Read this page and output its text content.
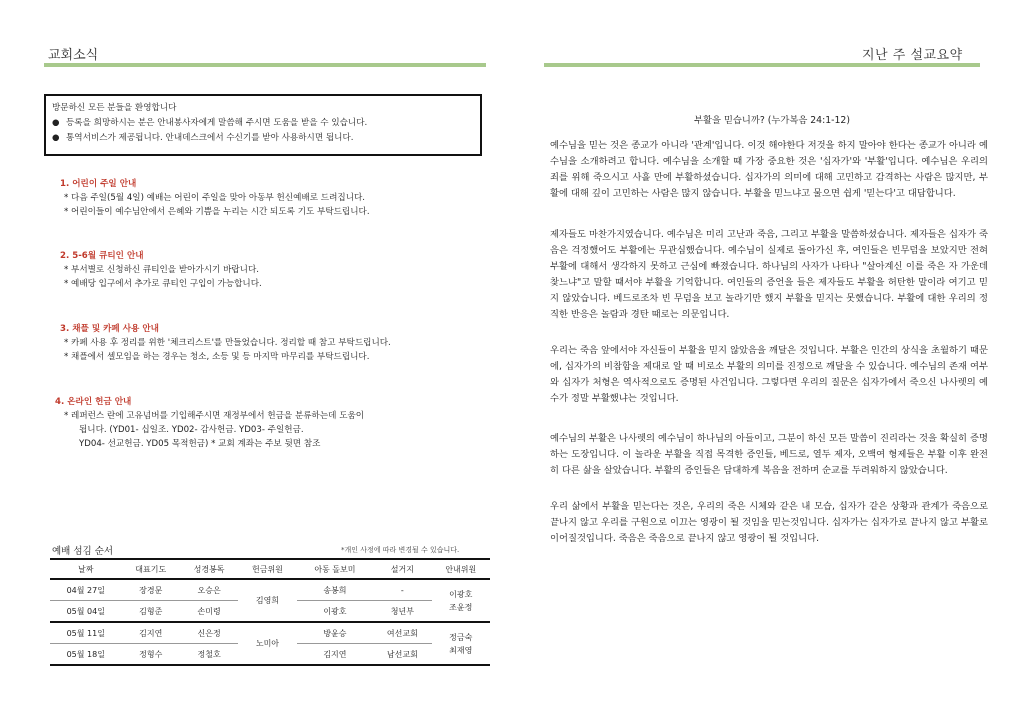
교회소식	지난 주 설교요약
방문하신 모든 분들을 환영합니다
● 등록을 희망하시는 분은 안내봉사자에게 말씀해 주시면 도움을 받을 수 있습니다.
● 통역서비스가 제공됩니다. 안내데스크에서 수신기를 받아 사용하시면 됩니다.
1. 어린이 주일 안내
* 다음 주일(5월 4일) 예배는 어린이 주일을 맞아 아동부 헌신예배로 드려집니다.
* 어린이들이 예수님안에서 은혜와 기쁨을 누리는 시간 되도록 기도 부탁드립니다.
2. 5-6월 큐티인 안내
* 부서별로 신청하신 큐티인을 받아가시기 바랍니다.
* 예배당 입구에서 추가로 큐티인 구입이 가능합니다.
3. 채플 및 카페 사용 안내
* 카페 사용 후 정리를 위한 '체크리스트'를 만들었습니다. 정리할 때 참고 부탁드립니다.
* 채플에서 셀모임을 하는 경우는 청소, 소등 및 등 마지막 마무리를 부탁드립니다.
4. 온라인 헌금 안내
* 레퍼런스 란에 고유넘버를 기입해주시면 재정부에서 헌금을 분류하는데 도움이
됩니다. (YD01- 십일조. YD02- 감사헌금. YD03- 주일헌금.
YD04- 선교헌금. YD05 목적헌금) * 교회 계좌는 주보 뒷면 참조
예배 섬김 순서	*개인 사정에 따라 변경될 수 있습니다.
날짜	대표기도	성경봉독	헌금위원	아동 돌보미	설거지	안내위원
04월 27일	장경문	오승은	김영희	송봉희	-	이광호
조윤정
05월 04일	김형준	손미령		이광호	청년부	
05월 11일	김지연	신은정	노미아	방윤승	여선교회	정금숙
최재영
05월 18일	정형수	정철호		김지연	남선교회	
부활을 믿습니까? (누가복음 24:1-12)

예수님을 믿는 것은 종교가 아니라 '관계'입니다. 이것 해야한다 저것을 하지 말아야 한다는 종교가 아니라 예수님을 소개하려고 합니다. 예수님을 소개할 때 가장 중요한 것은 '십자가'와 '부활'입니다. 예수님은 우리의 죄를 위해 죽으시고 사흘 만에 부활하셨습니다. 십자가의 의미에 대해 고민하고 감격하는 사람은 많지만, 부활에 대해 깊이 고민하는 사람은 많지 않습니다. 부활을 믿느냐고 물으면 쉽게 '믿는다'고 대답합니다.

제자들도 마찬가지였습니다. 예수님은 미리 고난과 죽음, 그리고 부활을 말씀하셨습니다. 제자들은 십자가 죽음은 걱정했어도 부활에는 무관심했습니다. 예수님이 실제로 돌아가신 후, 여인들은 빈무덤을 보았지만 전혀 부활에 대해서 생각하지 못하고 근심에 빠졌습니다. 하나님의 사자가 나타나 "살아계신 이를 죽은 자 가운데 찾느냐"고 말할 때서야 부활을 기억합니다. 여인들의 증언을 들은 제자들도 부활을 허탄한 말이라 여기고 믿지 않았습니다. 베드로조차 빈 무덤을 보고 놀라기만 했지 부활을 믿지는 못했습니다. 부활에 대한 우리의 정직한 반응은 놀람과 경탄 때로는 의문입니다.

우리는 죽음 앞에서야 자신들이 부활을 믿지 않았음을 깨달은 것입니다. 부활은 인간의 상식을 초월하기 때문에, 십자가의 비참함을 제대로 알 때 비로소 부활의 의미를 진정으로 깨달을 수 있습니다. 예수님의 존재 여부와 십자가 처형은 역사적으로도 증명된 사건입니다. 그렇다면 우리의 질문은 십자가에서 죽으신 나사렛의 예수가 정말 부활했냐는 것입니다.

예수님의 부활은 나사렛의 예수님이 하나님의 아들이고, 그분이 하신 모든 말씀이 진리라는 것을 확실히 증명하는 도장입니다. 이 놀라운 부활을 직접 목격한 증인들, 베드로, 열두 제자, 오백여 형제들은 부활 이후 완전히 다른 삶을 살았습니다. 부활의 증인들은 담대하게 복음을 전하며 순교를 두려워하지 않았습니다.

우리 삶에서 부활을 믿는다는 것은, 우리의 죽은 시체와 같은 내 모습, 십자가 같은 상황과 관계가 죽음으로 끝나지 않고 우리를 구원으로 이끄는 영광이 될 것임을 믿는것입니다. 십자가는 십자가로 끝나지 않고 부활로 이어질것입니다. 죽음은 죽음으로 끝나지 않고 영광이 될 것입니다.
